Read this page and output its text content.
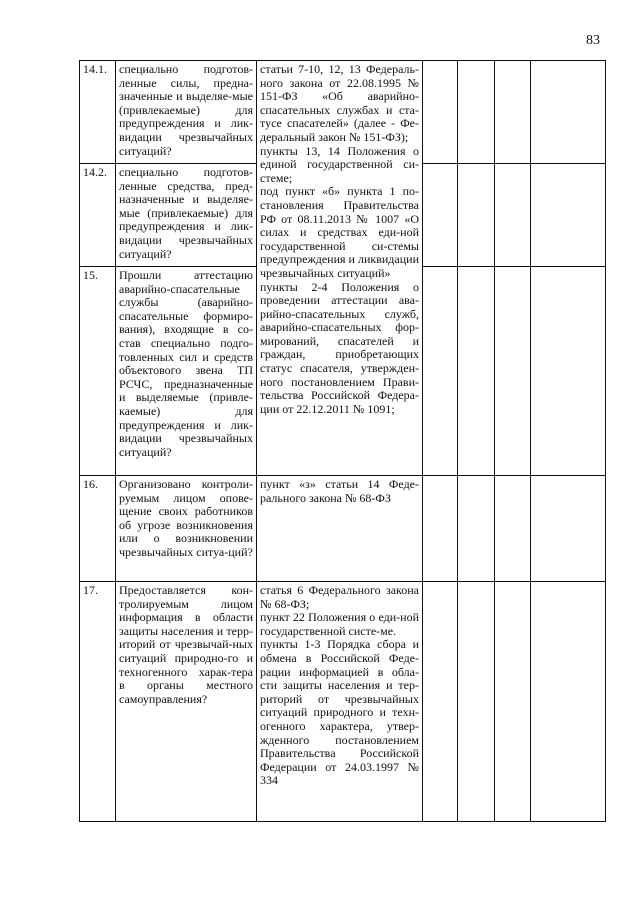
83
14.1.	специально подготов-ленные силы, предна-значенные и выделяе-мые (привлекаемые) для предупреждения и лик-видации чрезвычайных ситуаций?	статьи 7-10, 12, 13 Федераль-ного закона от 22.08.1995 № 151-ФЗ «Об аварийно-спасательных службах и ста-тусе спасателей» (далее - Фе-деральный закон № 151-ФЗ);
пункты 13, 14 Положения о единой государственной си-стеме;
под пункт «б» пункта 1 по-становления Правительства РФ от 08.11.2013 № 1007 «О силах и средствах еди-ной государственной си-стемы предупреждения и ликвидации чрезвычайных ситуаций»
пункты 2-4 Положения о проведении аттестации ава-рийно-спасательных служб, аварийно-спасательных фор-мирований, спасателей и граждан, приобретающих статус спасателя, утвержден-ного постановлением Прави-тельства Российской Федера-ции от 22.12.2011 № 1091;				

14.2.	специально подготов-ленные средства, пред-назначенные и выделяе-мые (привлекаемые) для предупреждения и лик-видации чрезвычайных ситуаций?					
15.	Прошли аттестацию аварийно-спасательные службы (аварийно-спасательные формиро-вания), входящие в со-став специально подго-товленных сил и средств объектового звена ТП РСЧС, предназначенные и выделяемые (привле-каемые) для предупреждения и лик-видации чрезвычайных ситуаций?					
16.	Организовано контроли-руемым лицом опове-щение своих работников об угрозе возникновения или о возникновении чрезвычайных ситуа-ций?	пункт «з» статьи 14 Феде-рального закона № 68-ФЗ				

17.	Предоставляется кон-тролируемым лицом информация в области защиты населения и терр-иторий от чрезвычай-ных ситуаций природно-го и техногенного харак-тера в органы местного самоуправления?	статья 6 Федерального закона № 68-ФЗ;
пункт 22 Положения о еди-ной государственной систе-ме.
пункты 1-3 Порядка сбора и обмена в Российской Феде-рации информацией в обла-сти защиты населения и тер-риторий от чрезвычайных ситуаций природного и техн-огенного характера, утвер-жденного постановлением Правительства Российской Федерации от 24.03.1997 № 334				
